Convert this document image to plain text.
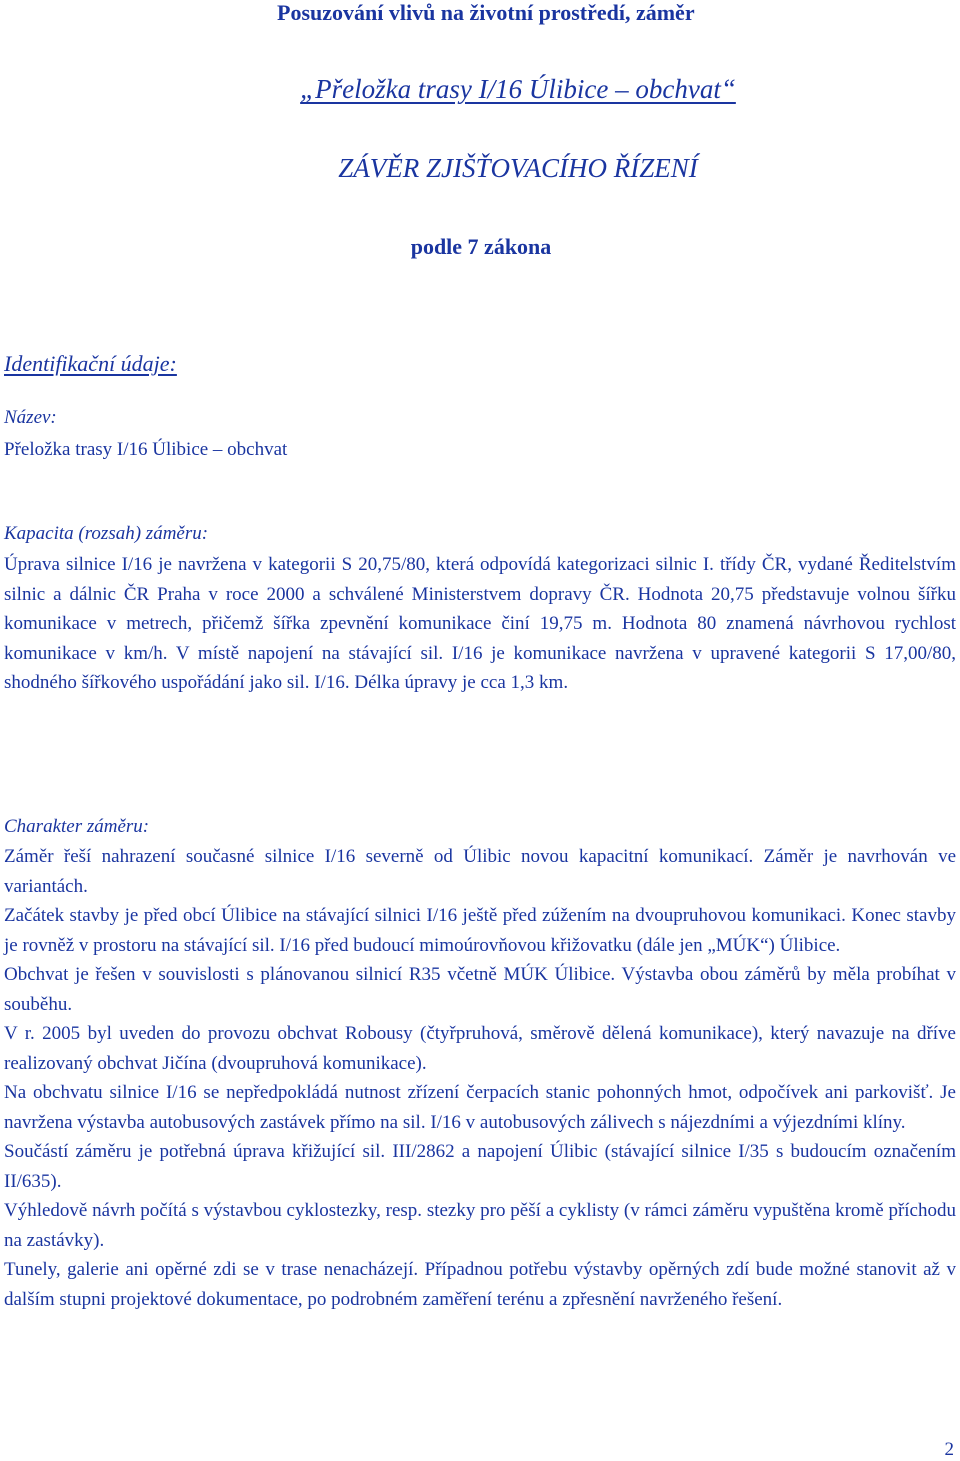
Posuzování vlivů na životní prostředí, záměr
„Přeložka trasy I/16 Úlibice – obchvat“
ZÁVĚR ZJIŠŤOVACÍHO ŘÍZENÍ
podle 7 zákona
Identifikační údaje:
Název:

Přeložka trasy I/16 Úlibice – obchvat

Kapacita (rozsah) záměru:

Úprava silnice I/16 je navržena v kategorii S 20,75/80, která odpovídá kategorizaci silnic I. třídy ČR, vydané Ředitelstvím silnic a dálnic ČR Praha v roce 2000 a schválené Ministerstvem dopravy ČR. Hodnota 20,75 představuje volnou šířku komunikace v metrech, přičemž šířka zpevnění komunikace činí 19,75 m. Hodnota 80 znamená návrhovou rychlost komunikace v km/h. V místě napojení na stávající sil. I/16 je komunikace navržena v upravené kategorii S 17,00/80, shodného šířkového uspořádání jako sil. I/16. Délka úpravy je cca 1,3 km.

Charakter záměru:

Záměr řeší nahrazení současné silnice I/16 severně od Úlibic novou kapacitní komunikací. Záměr je navrhován ve variantách.

Začátek stavby je před obcí Úlibice na stávající silnici I/16 ještě před zúžením na dvoupruhovou komunikaci. Konec stavby je rovněž v prostoru na stávající sil. I/16 před budoucí mimoúrovňovou křižovatku (dále jen „MÚK“) Úlibice.

Obchvat je řešen v souvislosti s plánovanou silnicí R35 včetně MÚK Úlibice. Výstavba obou záměrů by měla probíhat v souběhu.

V r. 2005 byl uveden do provozu obchvat Robousy (čtyřpruhová, směrově dělená komunikace), který navazuje na dříve realizovaný obchvat Jičína (dvoupruhová komunikace).

Na obchvatu silnice I/16 se nepředpokládá nutnost zřízení čerpacích stanic pohonných hmot, odpočívek ani parkovišť. Je navržena výstavba autobusových zastávek přímo na sil. I/16 v autobusových zálivech s nájezdními a výjezdními klíny.

Součástí záměru je potřebná úprava křižující sil. III/2862 a napojení Úlibic (stávající silnice I/35 s budoucím označením II/635).

Výhledově návrh počítá s výstavbou cyklostezky, resp. stezky pro pěší a cyklisty (v rámci záměru vypuštěna kromě příchodu na zastávky).

Tunely, galerie ani opěrné zdi se v trase nenacházejí. Případnou potřebu výstavby opěrných zdí bude možné stanovit až v dalším stupni projektové dokumentace, po podrobném zaměření terénu a zpřesnění navrženého řešení.

2
